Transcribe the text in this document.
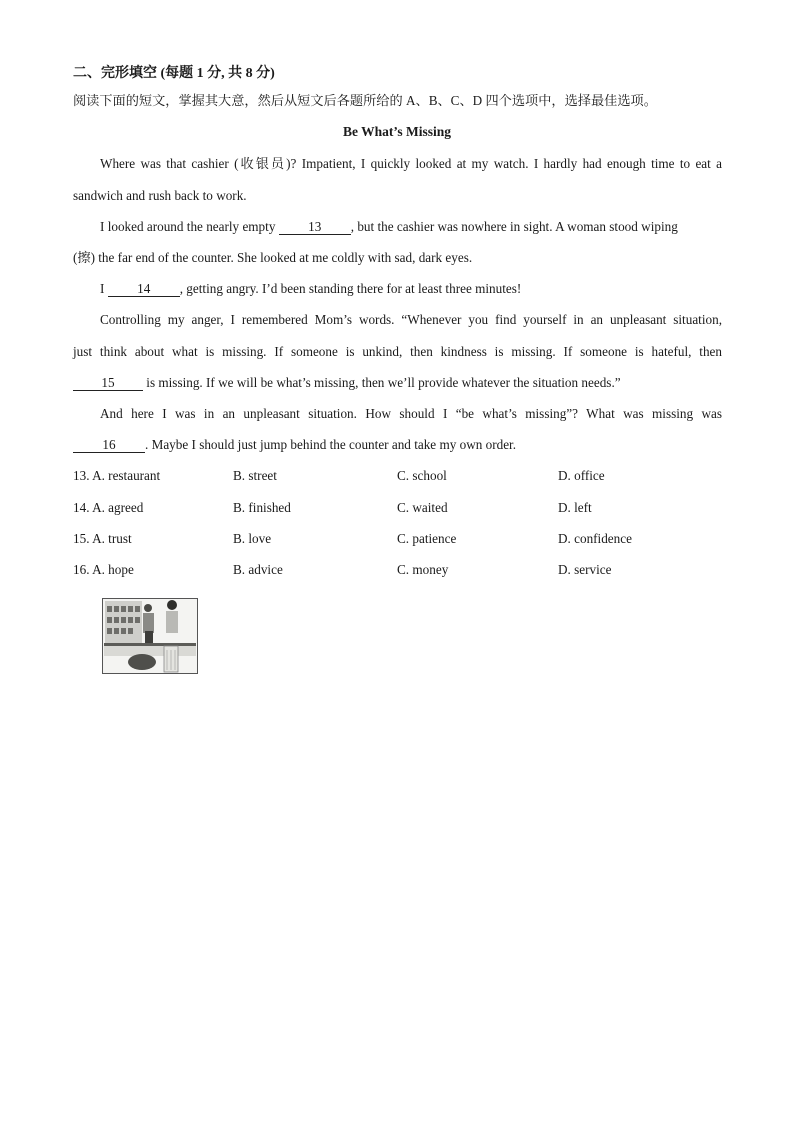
二、完形填空 (每题 1 分, 共 8 分)
阅读下面的短文，掌握其大意，然后从短文后各题所给的 A、B、C、D 四个选项中，选择最佳选项。
Be What’s Missing
Where was that cashier (收银员)? Impatient, I quickly looked at my watch. I hardly had enough time to eat a
sandwich and rush back to work.
I looked around the nearly empty 13 , but the cashier was nowhere in sight. A woman stood wiping
(擦) the far end of the counter. She looked at me coldly with sad, dark eyes.
I 14 , getting angry. I’d been standing there for at least three minutes!
Controlling my anger, I remembered Mom’s words. “Whenever you find yourself in an unpleasant situation,
just think about what is missing. If someone is unkind, then kindness is missing. If someone is hateful, then
15 is missing. If we will be what’s missing, then we’ll provide whatever the situation needs.”
And here I was in an unpleasant situation. How should I “be what’s missing”? What was missing was
16 . Maybe I should just jump behind the counter and take my own order.
13. A. restaurant	B. street	C. school	D. office
14. A. agreed	B. finished	C. waited	D. left
15. A. trust	B. love	C. patience	D. confidence
16. A. hope	B. advice	C. money	D. service
